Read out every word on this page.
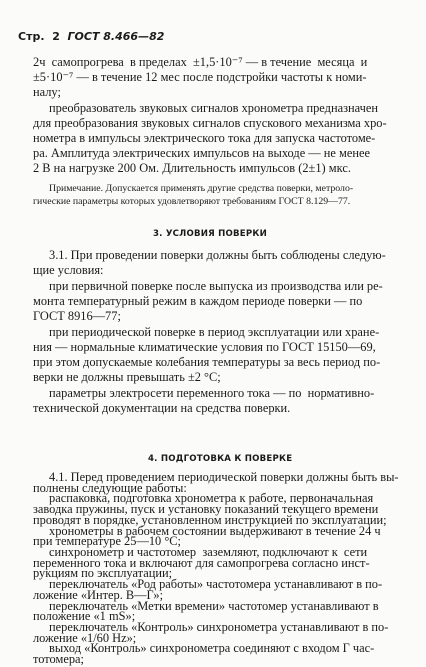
Стр. 2 ГОСТ 8.466—82
2ч  самопрогрева  в пределах  ±1,5·10⁻⁷ — в течение  месяца  и
±5·10⁻⁷ — в течение 12 мес после подстройки частоты к номи-
налу;
преобразователь звуковых сигналов хронометра предназначен
для преобразования звуковых сигналов спускового механизма хро-
нометра в импульсы электрического тока для запуска частотоме-
ра. Амплитуда электрических импульсов на выходе — не менее
2 В на нагрузке 200 Ом. Длительность импульсов (2±1) мкс.
Примечание. Допускается применять другие средства поверки, метроло-
гические параметры которых удовлетворяют требованиям ГОСТ 8.129—77.
3. УСЛОВИЯ ПОВЕРКИ
3.1. При проведении поверки должны быть соблюдены следую-
щие условия:
при первичной поверке после выпуска из производства или ре-
монта температурный режим в каждом периоде поверки — по
ГОСТ 8916—77;
при периодической поверке в период эксплуатации или хране-
ния — нормальные климатические условия по ГОСТ 15150—69,
при этом допускаемые колебания температуры за весь период по-
верки не должны превышать ±2 °С;
параметры электросети переменного тока — по  нормативно-
технической документации на средства поверки.
4. ПОДГОТОВКА К ПОВЕРКЕ
4.1. Перед проведением периодической поверки должны быть вы-
полнены следующие работы:
распаковка, подготовка хронометра к работе, первоначальная
заводка пружины, пуск и установку показаний текущего времени
проводят в порядке, установленном инструкцией по эксплуатации;
хронометры в рабочем состоянии выдерживают в течение 24 ч
при температуре 25—10 °С;
синхронометр и частотомер  заземляют, подключают к  сети
переменного тока и включают для самопрогрева согласно инст-
рукциям по эксплуатации;
переключатель «Род работы» частотомера устанавливают в по-
ложение «Интер. В—Г»;
переключатель «Метки времени» частотомер устанавливают в
положение «1 mS»;
переключатель «Контроль» синхронометра устанавливают в по-
ложение «1/60 Hz»;
выход «Контроль» синхронометра соединяют с входом Г час-
тотомера;
